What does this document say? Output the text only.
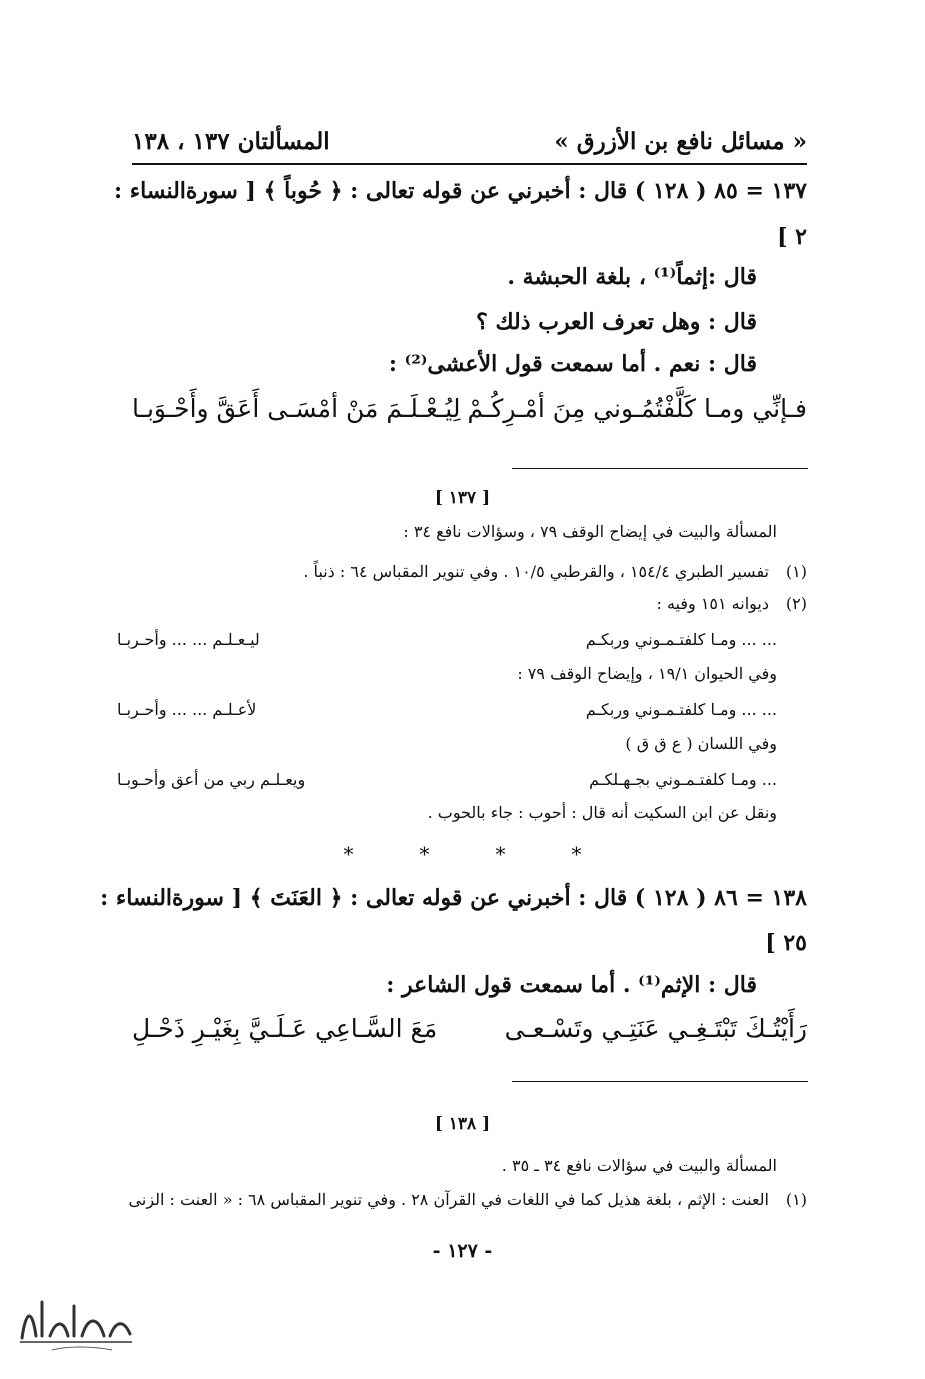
المسألتان ١٣٧ ، ١٣٨	« مسائل نافع بن الأزرق »
١٣٧ = ٨٥ ( ١٢٨ ) قال : أخبرني عن قوله تعالى : ﴿ حُوباً ﴾ [ سورة
النساء :
٢ ]
قال :إثماً⁽¹⁾ ، بلغة الحبشة .
قال : وهل تعرف العرب ذلك ؟
قال : نعم . أما سمعت قول الأعشى⁽²⁾ :
فـإنِّي ومـا كَلَّفْتُمُـوني مِنَ أمْـرِكُـمْ
لِيُـعْـلَـمَ مَنْ أمْسَـى أَعَقَّ وأَحْـوَبـا
[ ١٣٧ ]
المسألة والبيت في إيضاح الوقف ٧٩ ، وسؤالات نافع ٣٤ :
(١)
تفسير الطبري ١٥٤/٤ ، والقرطبي ١٠/٥ . وفي تنوير المقباس ٦٤ : ذنباً .
(٢)
ديوانه ١٥١ وفيه :
... ... ومـا كلفتـمـوني وربكـم
ليـعـلـم ... ... وأحـربـا
وفي الحيوان ١٩/١ ، وإيضاح الوقف ٧٩ :
... ... ومـا كلفتـمـوني وربكـم
لأعـلـم ... ... وأحـربـا
وفي اللسان ( ع ق ق )
... ومـا كلفتـمـوني بجـهـلكـم
ويعـلـم ربي من أعق وأحـوبـا
ونقل عن ابن السكيت أنه قال : أحوب : جاء بالحوب .
*
*
*
*
١٣٨ = ٨٦ ( ١٢٨ ) قال : أخبرني عن قوله تعالى : ﴿ العَنَتَ ﴾ [ سورة
النساء :
٢٥ ]
قال : الإثم⁽¹⁾ . أما سمعت قول الشاعر :
رَأَيْتُـكَ تَبْتَـغِـي عَنَتِـي وتَسْـعـى
مَعَ السَّـاعِي عَـلَـيَّ بِغَيْـرِ ذَحْـلِ
[ ١٣٨ ]
المسألة والبيت في سؤالات نافع ٣٤ ـ ٣٥ .
(١)
العنت : الإثم ، بلغة هذيل كما في اللغات في القرآن ٢٨ . وفي تنوير المقباس ٦٨ : « العنت : الزنى
- ١٢٧ -
